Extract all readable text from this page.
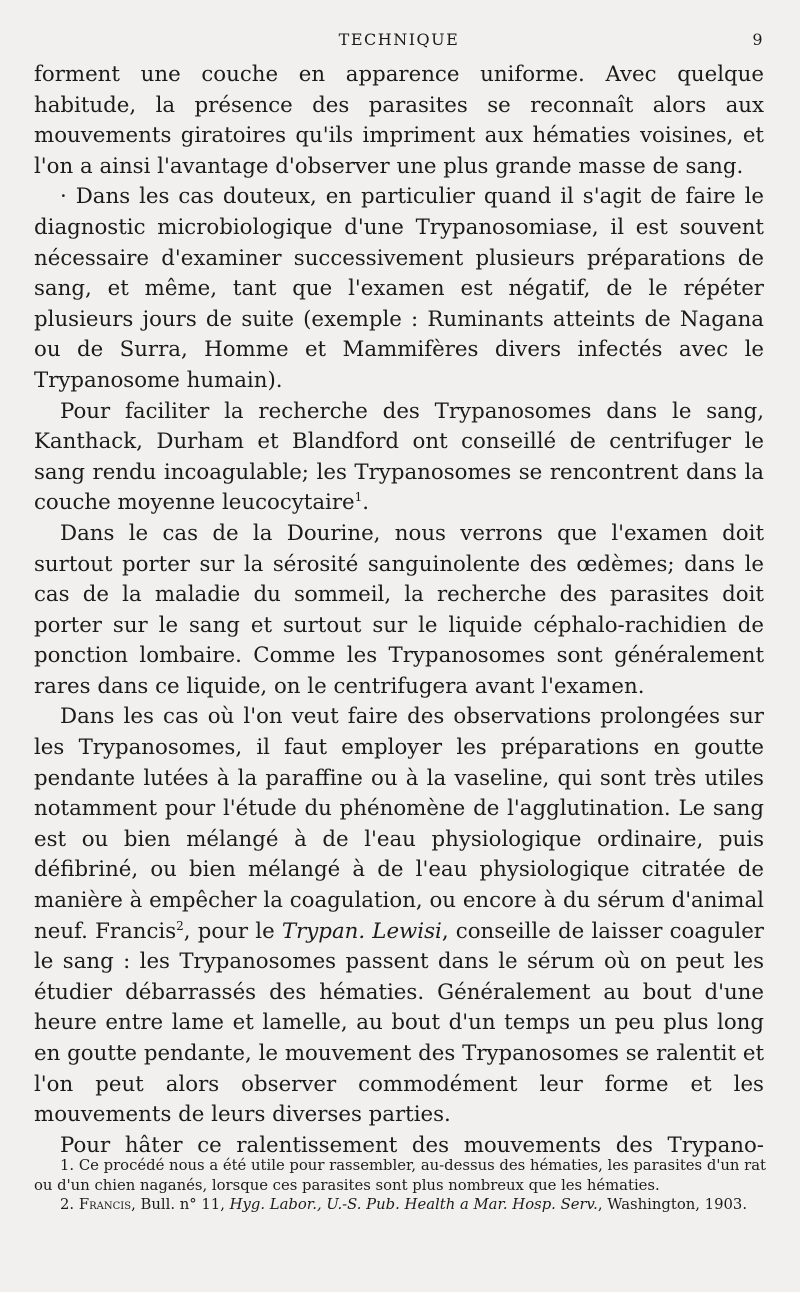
TECHNIQUE	9

forment une couche en apparence uniforme. Avec quelque habitude, la présence des parasites se reconnaît alors aux mouvements giratoires qu'ils impriment aux hématies voisines, et l'on a ainsi l'avantage d'observer une plus grande masse de sang.

· Dans les cas douteux, en particulier quand il s'agit de faire le diagnostic microbiologique d'une Trypanosomiase, il est souvent nécessaire d'examiner successivement plusieurs préparations de sang, et même, tant que l'examen est négatif, de le répéter plusieurs jours de suite (exemple : Ruminants atteints de Nagana ou de Surra, Homme et Mammifères divers infectés avec le Trypanosome humain).

Pour faciliter la recherche des Trypanosomes dans le sang, Kanthack, Durham et Blandford ont conseillé de centrifuger le sang rendu incoagulable; les Trypanosomes se rencontrent dans la couche moyenne leucocytaire$^1$.

Dans le cas de la Dourine, nous verrons que l'examen doit surtout porter sur la sérosité sanguinolente des œdèmes; dans le cas de la maladie du sommeil, la recherche des parasites doit porter sur le sang et surtout sur le liquide céphalo-rachidien de ponction lombaire. Comme les Trypanosomes sont généralement rares dans ce liquide, on le centrifugera avant l'examen.

Dans les cas où l'on veut faire des observations prolongées sur les Trypanosomes, il faut employer les préparations en goutte pendante lutées à la paraffine ou à la vaseline, qui sont très utiles notamment pour l'étude du phénomène de l'agglutination. Le sang est ou bien mélangé à de l'eau physiologique ordinaire, puis défibriné, ou bien mélangé à de l'eau physiologique citratée de manière à empêcher la coagulation, ou encore à du sérum d'animal neuf. Francis$^2$, pour le Trypan. Lewisi, conseille de laisser coaguler le sang : les Trypanosomes passent dans le sérum où on peut les étudier débarrassés des hématies. Généralement au bout d'une heure entre lame et lamelle, au bout d'un temps un peu plus long en goutte pendante, le mouvement des Trypanosomes se ralentit et l'on peut alors observer commodément leur forme et les mouvements de leurs diverses parties.

Pour hâter ce ralentissement des mouvements des Trypano-

1. Ce procédé nous a été utile pour rassembler, au-dessus des hématies, les parasites d'un rat ou d'un chien naganés, lorsque ces parasites sont plus nombreux que les hématies.

2. Francis, Bull. n° 11, Hyg. Labor., U.-S. Pub. Health a Mar. Hosp. Serv., Washington, 1903.
